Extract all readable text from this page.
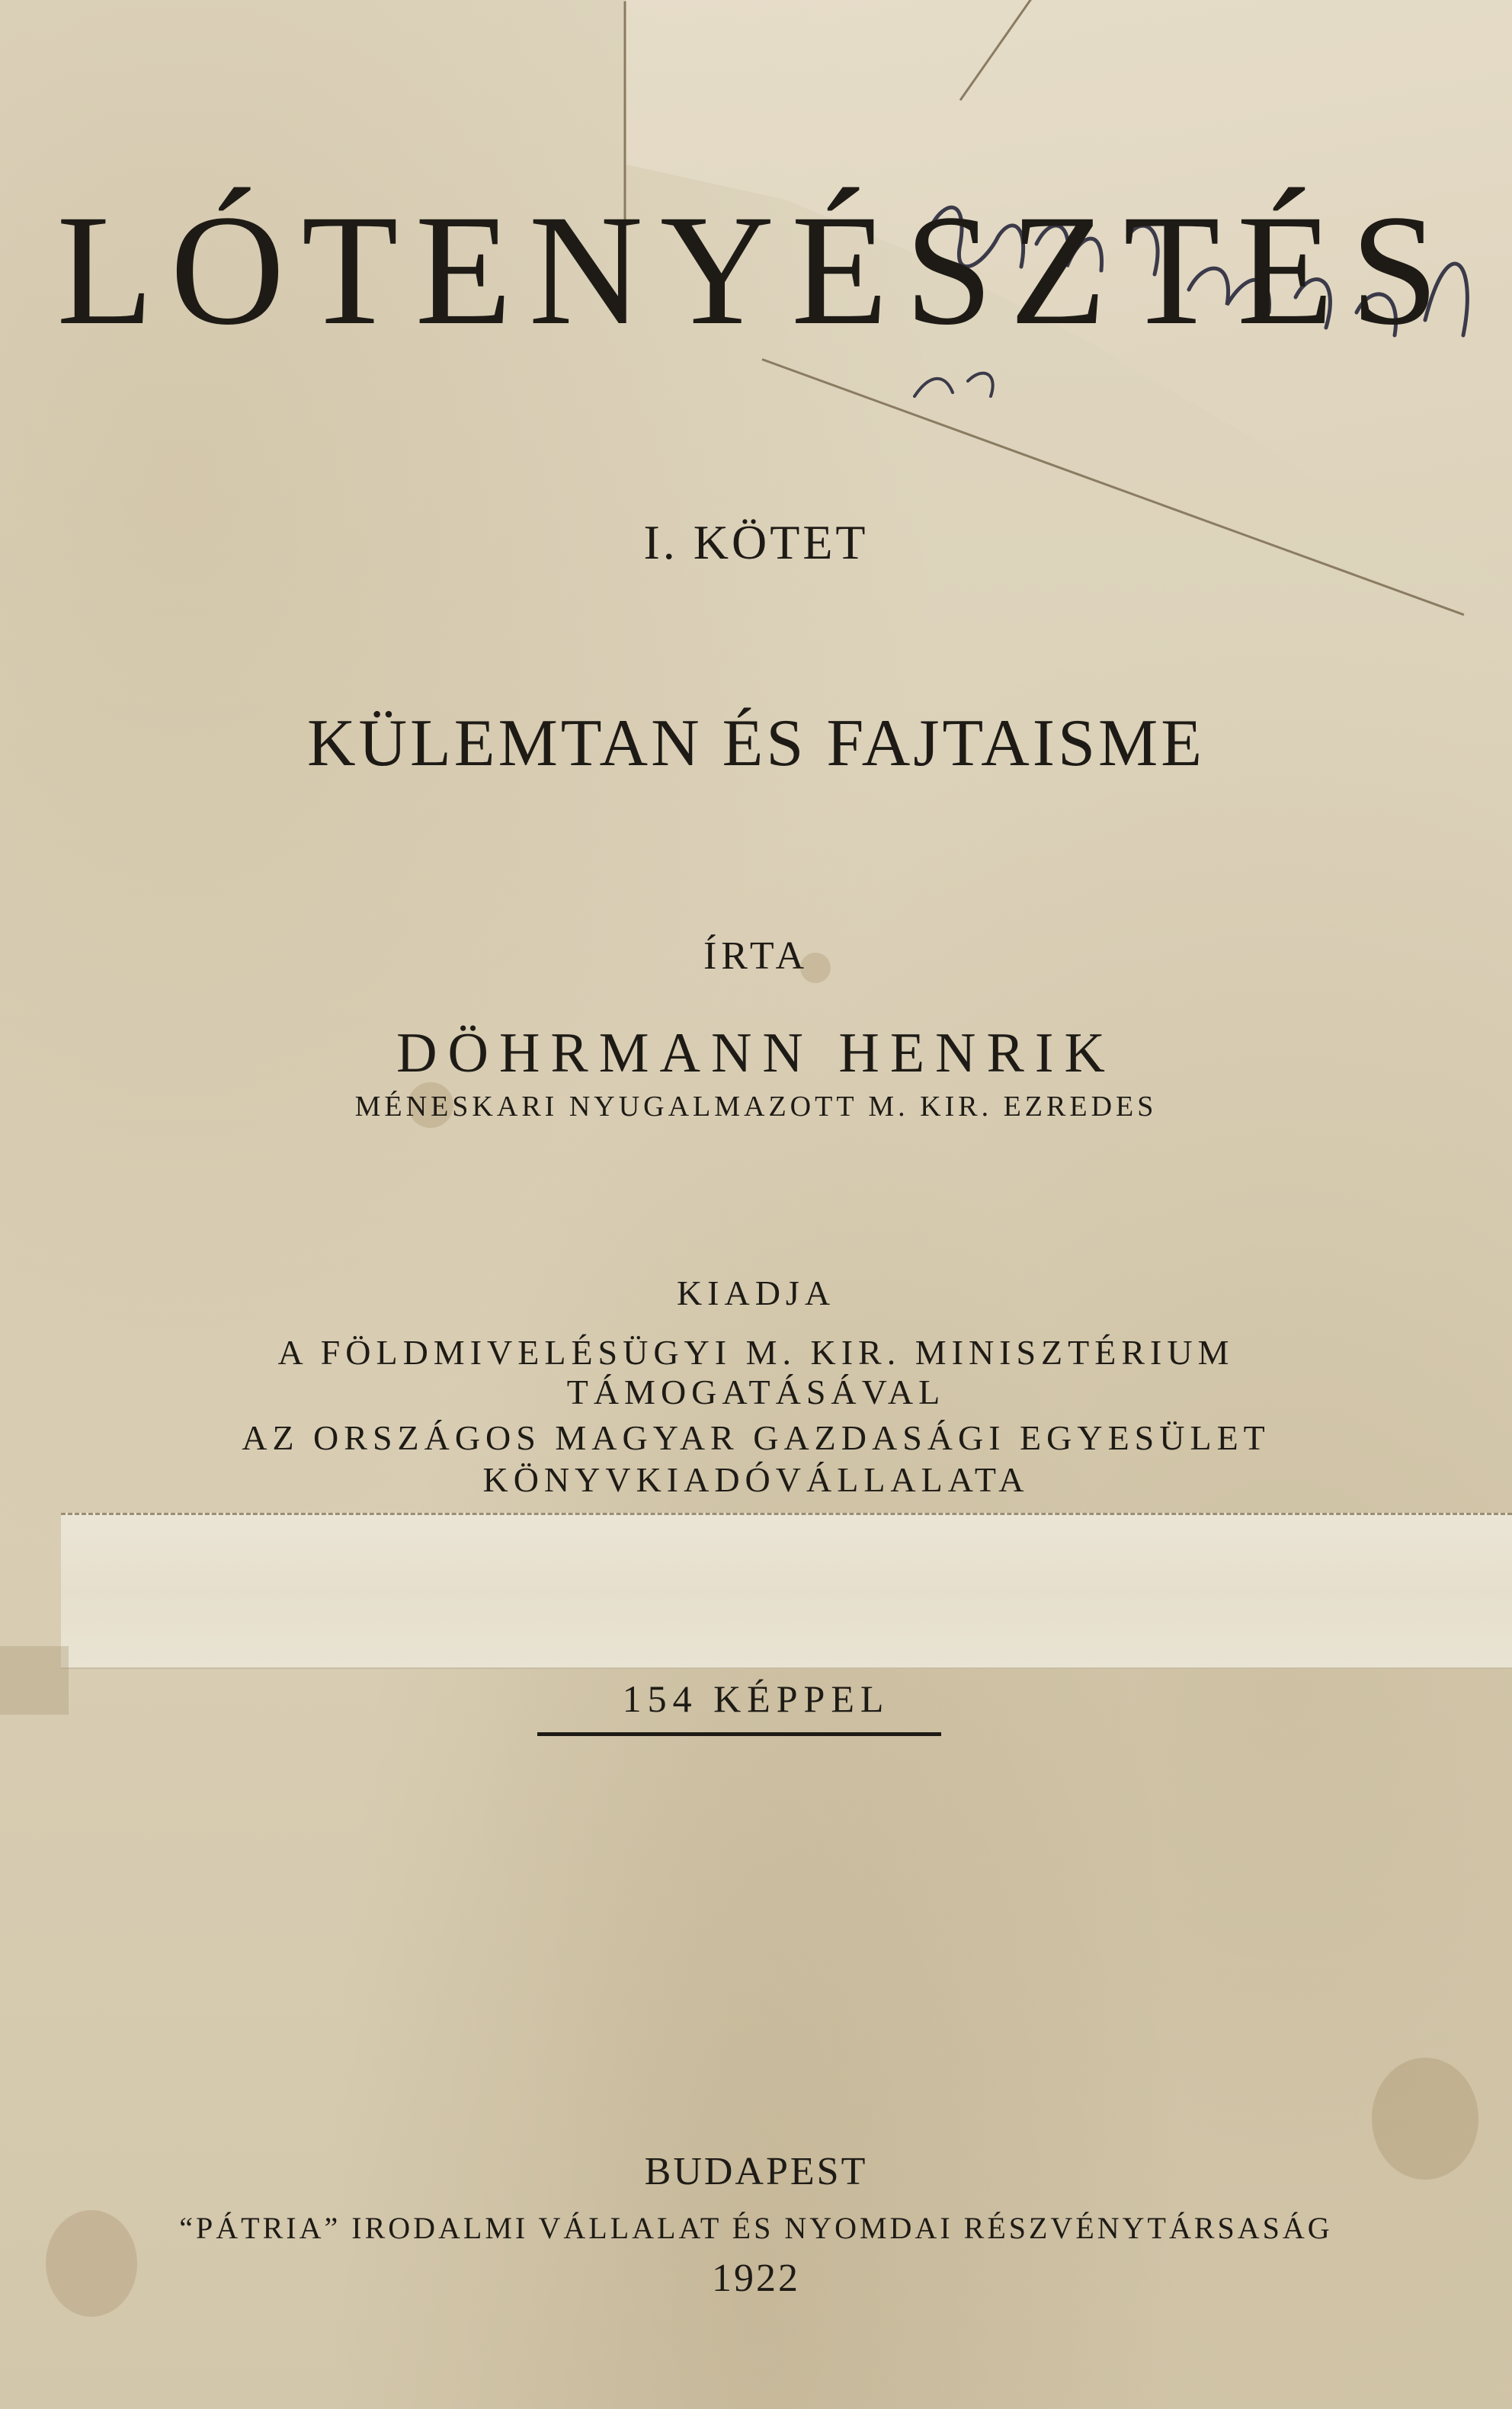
LÓTENYÉSZTÉS
I. KÖTET
KÜLEMTAN ÉS FAJTAISME
ÍRTA
DÖHRMANN HENRIK
MÉNESKARI NYUGALMAZOTT M. KIR. EZREDES
KIADJA
A FÖLDMIVELÉSÜGYI M. KIR. MINISZTÉRIUM
TÁMOGATÁSÁVAL
AZ ORSZÁGOS MAGYAR GAZDASÁGI EGYESÜLET
KÖNYVKIADÓVÁLLALATA
154 KÉPPEL
BUDAPEST
“PÁTRIA” IRODALMI VÁLLALAT ÉS NYOMDAI RÉSZVÉNYTÁRSASÁG
1922
